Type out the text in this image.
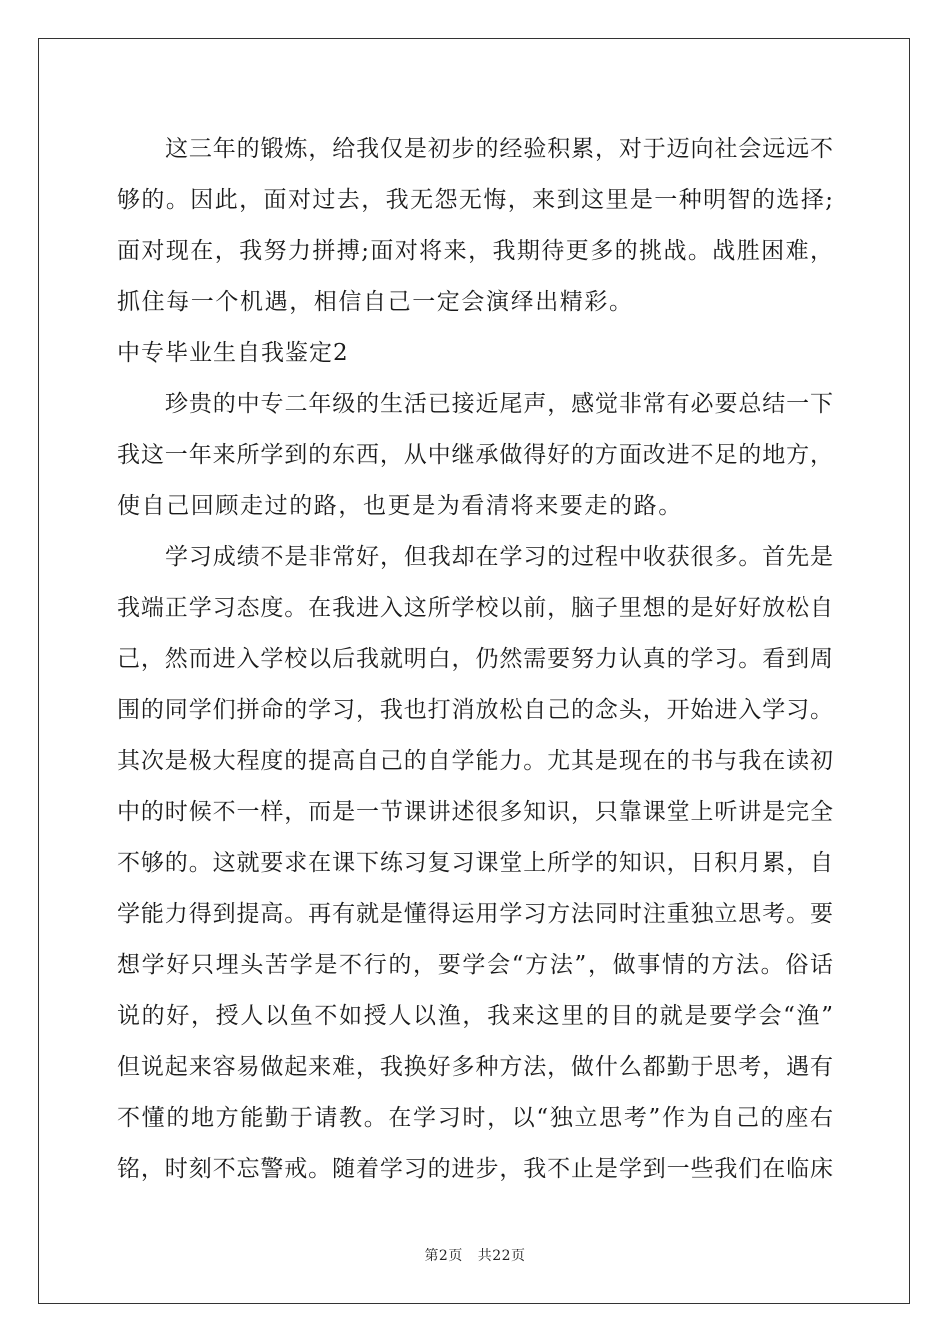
这三年的锻炼，给我仅是初步的经验积累，对于迈向社会远远不
够的。因此，面对过去，我无怨无悔，来到这里是一种明智的选择;
面对现在，我努力拼搏;面对将来，我期待更多的挑战。战胜困难，
抓住每一个机遇，相信自己一定会演绎出精彩。
中专毕业生自我鉴定2
珍贵的中专二年级的生活已接近尾声，感觉非常有必要总结一下
我这一年来所学到的东西，从中继承做得好的方面改进不足的地方，
使自己回顾走过的路，也更是为看清将来要走的路。
学习成绩不是非常好，但我却在学习的过程中收获很多。首先是
我端正学习态度。在我进入这所学校以前，脑子里想的是好好放松自
己，然而进入学校以后我就明白，仍然需要努力认真的学习。看到周
围的同学们拼命的学习，我也打消放松自己的念头，开始进入学习。
其次是极大程度的提高自己的自学能力。尤其是现在的书与我在读初
中的时候不一样，而是一节课讲述很多知识，只靠课堂上听讲是完全
不够的。这就要求在课下练习复习课堂上所学的知识，日积月累，自
学能力得到提高。再有就是懂得运用学习方法同时注重独立思考。要
想学好只埋头苦学是不行的，要学会“方法”，做事情的方法。俗话
说的好，授人以鱼不如授人以渔，我来这里的目的就是要学会“渔”
但说起来容易做起来难，我换好多种方法，做什么都勤于思考，遇有
不懂的地方能勤于请教。在学习时，以“独立思考”作为自己的座右
铭，时刻不忘警戒。随着学习的进步，我不止是学到一些我们在临床
第2页 共22页
